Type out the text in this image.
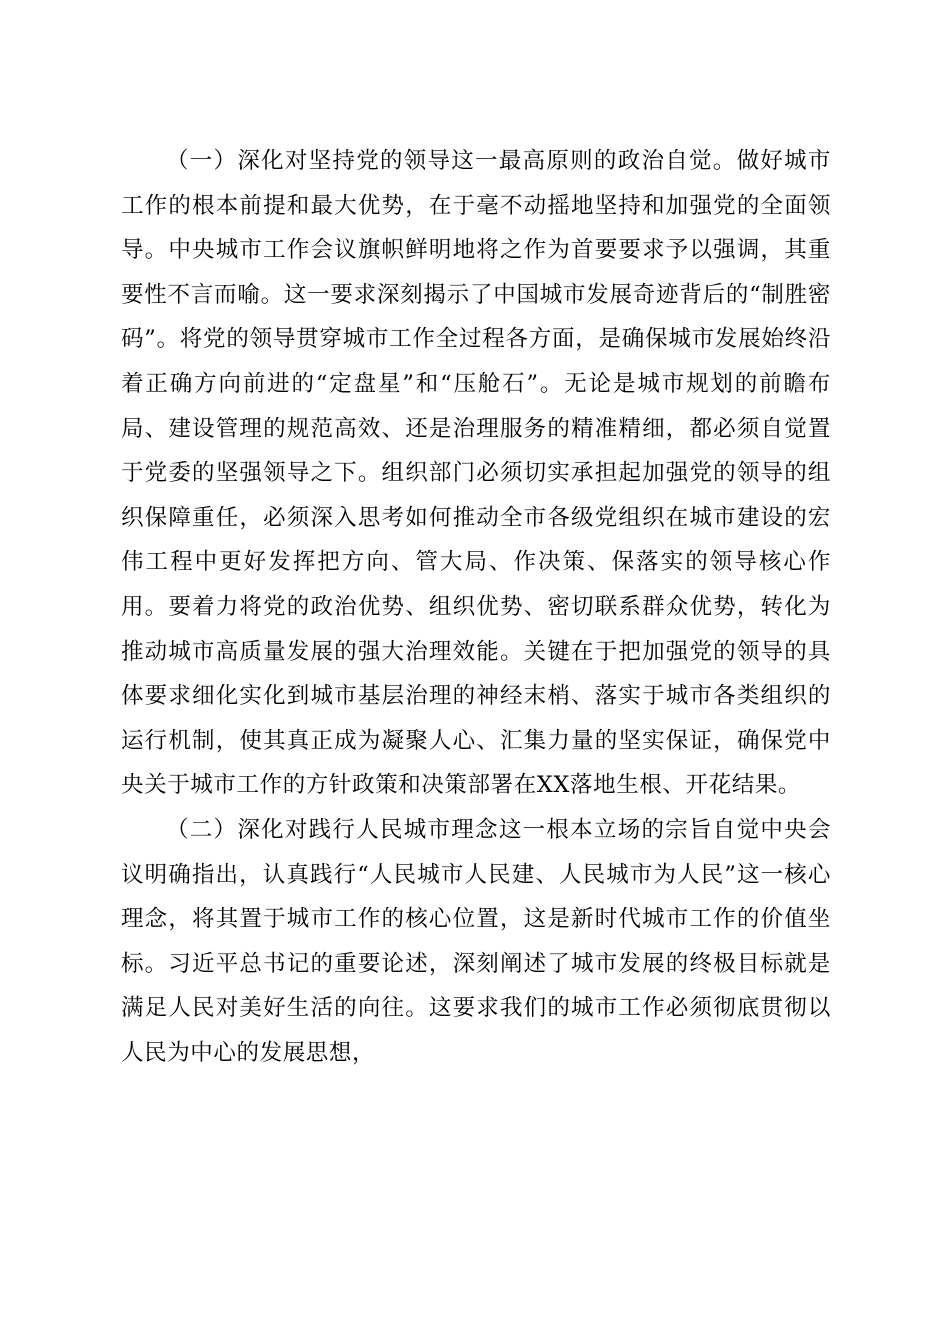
（一）深化对坚持党的领导这一最高原则的政治自觉。做好城市工作的根本前提和最大优势，在于毫不动摇地坚持和加强党的全面领导。中央城市工作会议旗帜鲜明地将之作为首要要求予以强调，其重要性不言而喻。这一要求深刻揭示了中国城市发展奇迹背后的“制胜密码”。将党的领导贯穿城市工作全过程各方面，是确保城市发展始终沿着正确方向前进的“定盘星”和“压舱石”。无论是城市规划的前瞻布局、建设管理的规范高效、还是治理服务的精准精细，都必须自觉置于党委的坚强领导之下。组织部门必须切实承担起加强党的领导的组织保障重任，必须深入思考如何推动全市各级党组织在城市建设的宏伟工程中更好发挥把方向、管大局、作决策、保落实的领导核心作用。要着力将党的政治优势、组织优势、密切联系群众优势，转化为推动城市高质量发展的强大治理效能。关键在于把加强党的领导的具体要求细化实化到城市基层治理的神经末梢、落实于城市各类组织的运行机制，使其真正成为凝聚人心、汇集力量的坚实保证，确保党中央关于城市工作的方针政策和决策部署在XX落地生根、开花结果。

（二）深化对践行人民城市理念这一根本立场的宗旨自觉中央会议明确指出，认真践行“人民城市人民建、人民城市为人民”这一核心理念，将其置于城市工作的核心位置，这是新时代城市工作的价值坐标。习近平总书记的重要论述，深刻阐述了城市发展的终极目标就是满足人民对美好生活的向往。这要求我们的城市工作必须彻底贯彻以人民为中心的发展思想，
